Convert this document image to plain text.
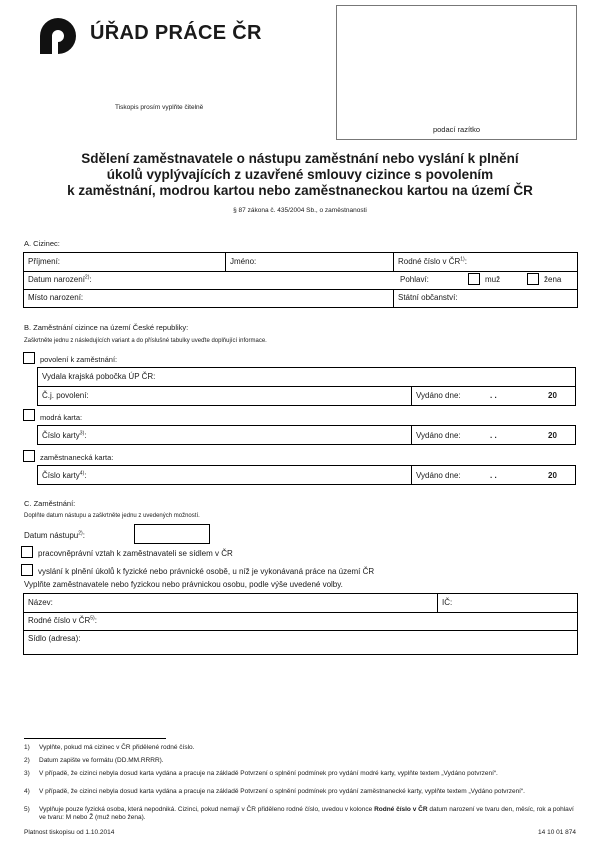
ÚŘAD PRÁCE ČR
Tiskopis prosím vyplňte čitelně
podací razítko
Sdělení zaměstnavatele o nástupu zaměstnání nebo vyslání k plnění
úkolů vyplývajících z uzavřené smlouvy cizince s povolením
k zaměstnání, modrou kartou nebo zaměstnaneckou kartou na území ČR
§ 87 zákona č. 435/2004 Sb., o zaměstnanosti
A. Cizinec:
Příjmení:	Jméno:	Rodné číslo v ČR$^{1)}$:
Datum narození$^{2)}$:	Pohlaví:	muž	žena
Místo narození:	Státní občanství:
B. Zaměstnání cizince na území České republiky:
Zaškrtněte jednu z následujících variant a do příslušné tabulky uveďte doplňující informace.
povolení k zaměstnání:
Vydala krajská pobočka ÚP ČR:
Č.j. povolení:	Vydáno dne:	. .	20
modrá karta:
Číslo karty$^{3)}$:	Vydáno dne:	. .	20
zaměstnanecká karta:
Číslo karty$^{4)}$:	Vydáno dne:	. .	20
C. Zaměstnání:
Doplňte datum nástupu a zaškrtněte jednu z uvedených možností.
Datum nástupu$^{2)}$:
pracovněprávní vztah k zaměstnavateli se sídlem v ČR
vyslání k plnění úkolů k fyzické nebo právnické osobě, u níž je vykonávaná práce na území ČR
Vyplňte zaměstnavatele nebo fyzickou nebo právnickou osobu, podle výše uvedené volby.
Název:	IČ:
Rodné číslo v ČR$^{5)}$:
Sídlo (adresa):
1) Vyplňte, pokud má cizinec v ČR přidělené rodné číslo.
2) Datum zapište ve formátu (DD.MM.RRRR).
3) V případě, že cizinci nebyla dosud karta vydána a pracuje na základě Potvrzení o splnění podmínek pro vydání modré karty, vyplňte textem „Vydáno potvrzení“.
4) V případě, že cizinci nebyla dosud karta vydána a pracuje na základě Potvrzení o splnění podmínek pro vydání zaměstnanecké karty, vyplňte textem „Vydáno potvrzení“.
5) Vyplňuje pouze fyzická osoba, která nepodniká. Cizinci, pokud nemají v ČR přiděleno rodné číslo, uvedou v kolonce Rodné číslo v ČR datum narození ve tvaru den, měsíc, rok a pohlaví ve tvaru: M nebo Ž (muž nebo žena).
Platnost tiskopisu od 1.10.2014	14 10 01 874
